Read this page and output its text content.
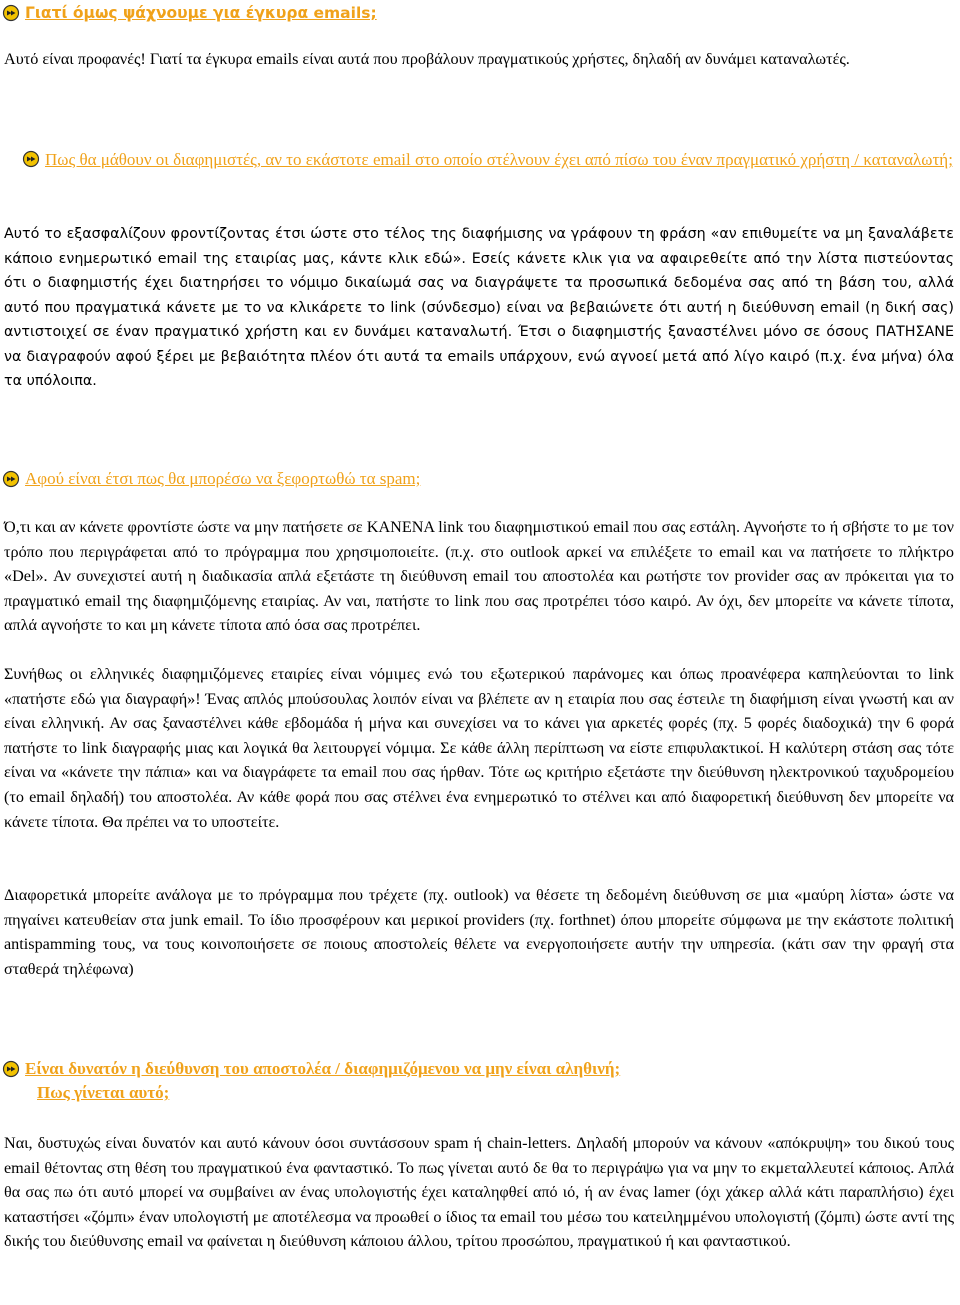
Γιατί όμως ψάχνουμε για έγκυρα emails;

Αυτό είναι προφανές! Γιατί τα έγκυρα emails είναι αυτά που προβάλουν πραγματικούς χρήστες, δηλαδή αν δυνάμει καταναλωτές.

Πως θα μάθουν οι διαφημιστές, αν το εκάστοτε email στο οποίο στέλνουν έχει από πίσω του έναν πραγματικό χρήστη / καταναλωτή;

Αυτό το εξασφαλίζουν φροντίζοντας έτσι ώστε στο τέλος της διαφήμισης να γράφουν τη φράση «αν επιθυμείτε να μη ξαναλάβετε κάποιο ενημερωτικό email της εταιρίας μας, κάντε κλικ εδώ». Εσείς κάνετε κλικ για να αφαιρεθείτε από την λίστα πιστεύοντας ότι ο διαφημιστής έχει διατηρήσει το νόμιμο δικαίωμά σας να διαγράψετε τα προσωπικά δεδομένα σας από τη βάση του, αλλά αυτό που πραγματικά κάνετε με το να κλικάρετε το link (σύνδεσμο) είναι να βεβαιώνετε ότι αυτή η διεύθυνση email (η δική σας) αντιστοιχεί σε έναν πραγματικό χρήστη και εν δυνάμει καταναλωτή. Έτσι ο διαφημιστής ξαναστέλνει μόνο σε όσους ΠΑΤΗΣΑΝΕ να διαγραφούν αφού ξέρει με βεβαιότητα πλέον ότι αυτά τα emails υπάρχουν, ενώ αγνοεί μετά από λίγο καιρό (π.χ. ένα μήνα) όλα τα υπόλοιπα.

Αφού είναι έτσι πως θα μπορέσω να ξεφορτωθώ τα spam;

Ό,τι και αν κάνετε φροντίστε ώστε να μην πατήσετε σε ΚΑΝΕΝΑ link του διαφημιστικού email που σας εστάλη. Αγνοήστε το ή σβήστε το με τον τρόπο που περιγράφεται από το πρόγραμμα που χρησιμοποιείτε. (π.χ. στο outlook αρκεί να επιλέξετε το email και να πατήσετε το πλήκτρο «Del». Αν συνεχιστεί αυτή η διαδικασία απλά εξετάστε τη διεύθυνση email του αποστολέα και ρωτήστε τον provider σας αν πρόκειται για το πραγματικό email της διαφημιζόμενης εταιρίας. Αν ναι, πατήστε το link που σας προτρέπει τόσο καιρό. Αν όχι, δεν μπορείτε να κάνετε τίποτα, απλά αγνοήστε το και μη κάνετε τίποτα από όσα σας προτρέπει.

Συνήθως οι ελληνικές διαφημιζόμενες εταιρίες είναι νόμιμες ενώ του εξωτερικού παράνομες και όπως προανέφερα καπηλεύονται το link «πατήστε εδώ για διαγραφή»! Ένας απλός μπούσουλας λοιπόν είναι να βλέπετε αν η εταιρία που σας έστειλε τη διαφήμιση είναι γνωστή και αν είναι ελληνική. Αν σας ξαναστέλνει κάθε εβδομάδα ή μήνα και συνεχίσει να το κάνει για αρκετές φορές (πχ. 5 φορές διαδοχικά) την 6 φορά πατήστε το link διαγραφής μιας και λογικά θα λειτουργεί νόμιμα. Σε κάθε άλλη περίπτωση να είστε επιφυλακτικοί. Η καλύτερη στάση σας τότε είναι να «κάνετε την πάπια» και να διαγράφετε τα email που σας ήρθαν. Τότε ως κριτήριο εξετάστε την διεύθυνση ηλεκτρονικού ταχυδρομείου (το email δηλαδή) του αποστολέα. Αν κάθε φορά που σας στέλνει ένα ενημερωτικό το στέλνει και από διαφορετική διεύθυνση δεν μπορείτε να κάνετε τίποτα. Θα πρέπει να το υποστείτε.

Διαφορετικά μπορείτε ανάλογα με το πρόγραμμα που τρέχετε (πχ. outlook) να θέσετε τη δεδομένη διεύθυνση σε μια «μαύρη λίστα» ώστε να πηγαίνει κατευθείαν στα junk email. Το ίδιο προσφέρουν και μερικοί providers (πχ. forthnet) όπου μπορείτε σύμφωνα με την εκάστοτε πολιτική antispamming τους, να τους κοινοποιήσετε σε ποιους αποστολείς θέλετε να ενεργοποιήσετε αυτήν την υπηρεσία. (κάτι σαν την φραγή στα σταθερά τηλέφωνα)

Είναι δυνατόν η διεύθυνση του αποστολέα / διαφημιζόμενου να μην είναι αληθινή;
Πως γίνεται αυτό;

Ναι, δυστυχώς είναι δυνατόν και αυτό κάνουν όσοι συντάσσουν spam ή chain-letters. Δηλαδή μπορούν να κάνουν «απόκρυψη» του δικού τους email θέτοντας στη θέση του πραγματικού ένα φανταστικό. Το πως γίνεται αυτό δε θα το περιγράψω για να μην το εκμεταλλευτεί κάποιος. Απλά θα σας πω ότι αυτό μπορεί να συμβαίνει αν ένας υπολογιστής έχει καταληφθεί από ιό, ή αν ένας lamer (όχι χάκερ αλλά κάτι παραπλήσιο) έχει καταστήσει «ζόμπι» έναν υπολογιστή με αποτέλεσμα να προωθεί ο ίδιος τα email του μέσω του κατειλημμένου υπολογιστή (ζόμπι) ώστε αντί της δικής του διεύθυνσης email να φαίνεται η διεύθυνση κάποιου άλλου, τρίτου προσώπου, πραγματικού ή και φανταστικού.
